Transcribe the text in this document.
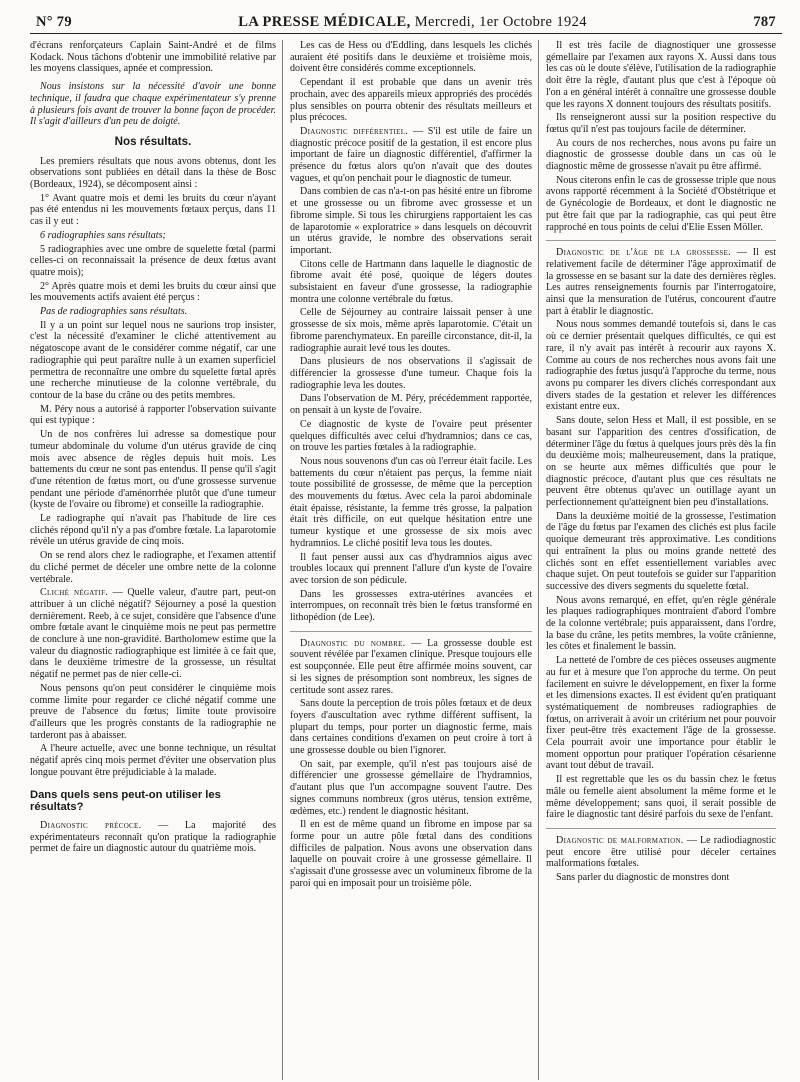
N° 79	LA PRESSE MÉDICALE, Mercredi, 1er Octobre 1924	787

d'écrans renforçateurs Caplain Saint-André et de films Kodack. Nous tâchons d'obtenir une immobilité relative par les moyens classiques, apnée et compression.

Nous insistons sur la nécessité d'avoir une bonne technique, il faudra que chaque expérimentateur s'y prenne à plusieurs fois avant de trouver la bonne façon de procéder. Il s'agit d'ailleurs d'un peu de doigté.

Nos résultats.

Les premiers résultats que nous avons obtenus, dont les observations sont publiées en détail dans la thèse de Bosc (Bordeaux, 1924), se décomposent ainsi :

1° Avant quatre mois et demi les bruits du cœur n'ayant pas été entendus ni les mouvements fœtaux perçus, dans 11 cas il y eut :

6 radiographies sans résultats;

5 radiographies avec une ombre de squelette fœtal (parmi celles-ci on reconnaissait la présence de deux fœtus avant quatre mois);

2° Après quatre mois et demi les bruits du cœur ainsi que les mouvements actifs avaient été perçus :

Pas de radiographies sans résultats.

Il y a un point sur lequel nous ne saurions trop insister, c'est la nécessité d'examiner le cliché attentivement au négatoscope avant de le considérer comme négatif, car une radiographie qui peut paraître nulle à un examen superficiel permettra de reconnaître une ombre du squelette fœtal après une recherche minutieuse de la colonne vertébrale, du contour de la base du crâne ou des petits membres.

M. Péry nous a autorisé à rapporter l'observation suivante qui est typique :

Un de nos confrères lui adresse sa domestique pour tumeur abdominale du volume d'un utérus gravide de cinq mois avec absence de règles depuis huit mois. Les battements du cœur ne sont pas entendus. Il pense qu'il s'agit d'une rétention de fœtus mort, ou d'une grossesse survenue pendant une période d'aménorrhée plutôt que d'une tumeur (kyste de l'ovaire ou fibrome) et conseille la radiographie.

Le radiographe qui n'avait pas l'habitude de lire ces clichés répond qu'il n'y a pas d'ombre fœtale. La laparotomie révèle un utérus gravide de cinq mois.

On se rend alors chez le radiographe, et l'examen attentif du cliché permet de déceler une ombre nette de la colonne vertébrale.

Cliché négatif. — Quelle valeur, d'autre part, peut-on attribuer à un cliché négatif? Séjourney a posé la question dernièrement. Reeb, à ce sujet, considère que l'absence d'une ombre fœtale avant le cinquième mois ne peut pas permettre de conclure à une non-gravidité. Bartholomew estime que la valeur du diagnostic radiographique est limitée à ce fait que, dans le deuxième trimestre de la grossesse, un résultat négatif ne permet pas de nier celle-ci.

Nous pensons qu'on peut considérer le cinquième mois comme limite pour regarder ce cliché négatif comme une preuve de l'absence du fœtus; limite toute provisoire d'ailleurs que les progrès constants de la radiographie ne tarderont pas à abaisser.

A l'heure actuelle, avec une bonne technique, un résultat négatif après cinq mois permet d'éviter une observation plus longue pouvant être préjudiciable à la malade.

Dans quels sens peut-on utiliser les résultats?

Diagnostic précoce. — La majorité des expérimentateurs reconnaît qu'on pratique la radiographie permet de faire un diagnostic autour du quatrième mois.

Les cas de Hess ou d'Eddling, dans lesquels les clichés auraient été positifs dans le deuxième et troisième mois, doivent être considérés comme exceptionnels.

Cependant il est probable que dans un avenir très prochain, avec des appareils mieux appropriés des procédés plus sensibles on pourra obtenir des résultats meilleurs et plus précoces.

Diagnostic différentiel. — S'il est utile de faire un diagnostic précoce positif de la gestation, il est encore plus important de faire un diagnostic différentiel, d'affirmer la présence du fœtus alors qu'on n'avait que des doutes vagues, et qu'on penchait pour le diagnostic de tumeur.

Dans combien de cas n'a-t-on pas hésité entre un fibrome et une grossesse ou un fibrome avec grossesse et un fibrome simple. Si tous les chirurgiens rapportaient les cas de laparotomie « exploratrice » dans lesquels on découvrit un utérus gravide, le nombre des observations serait important.

Citons celle de Hartmann dans laquelle le diagnostic de fibrome avait été posé, quoique de légers doutes subsistaient en faveur d'une grossesse, la radiographie montra une colonne vertébrale du fœtus.

Celle de Séjourney au contraire laissait penser à une grossesse de six mois, même après laparotomie. C'était un fibrome parenchymateux. En pareille circonstance, dit-il, la radiographie aurait levé tous les doutes.

Dans plusieurs de nos observations il s'agissait de différencier la grossesse d'une tumeur. Chaque fois la radiographie leva les doutes.

Dans l'observation de M. Péry, précédemment rapportée, on pensait à un kyste de l'ovaire.

Ce diagnostic de kyste de l'ovaire peut présenter quelques difficultés avec celui d'hydramnios; dans ce cas, on trouve les parties fœtales à la radiographie.

Nous nous souvenons d'un cas où l'erreur était facile. Les battements du cœur n'étaient pas perçus, la femme niait toute possibilité de grossesse, de même que la perception des mouvements du fœtus. Avec cela la paroi abdominale était épaisse, résistante, la femme très grosse, la palpation était très difficile, on eut quelque hésitation entre une tumeur kystique et une grossesse de six mois avec hydramnios. Le cliché positif leva tous les doutes.

Il faut penser aussi aux cas d'hydramnios aigus avec troubles locaux qui prennent l'allure d'un kyste de l'ovaire avec torsion de son pédicule.

Dans les grossesses extra-utérines avancées et interrompues, on reconnaît très bien le fœtus transformé en lithopédion (de Lee).

Diagnostic du nombre. — La grossesse double est souvent révélée par l'examen clinique. Presque toujours elle est soupçonnée. Elle peut être affirmée moins souvent, car si les signes de présomption sont nombreux, les signes de certitude sont assez rares.

Sans doute la perception de trois pôles fœtaux et de deux foyers d'auscultation avec rythme différent suffisent, la plupart du temps, pour porter un diagnostic ferme, mais dans certaines conditions d'examen on peut croire à tort à une grossesse double ou bien l'ignorer.

On sait, par exemple, qu'il n'est pas toujours aisé de différencier une grossesse gémellaire de l'hydramnios, d'autant plus que l'un accompagne souvent l'autre. Des signes communs nombreux (gros utérus, tension extrême, œdèmes, etc.) rendent le diagnostic hésitant.

Il en est de même quand un fibrome en impose par sa forme pour un autre pôle fœtal dans des conditions difficiles de palpation. Nous avons une observation dans laquelle on pouvait croire à une grossesse gémellaire. Il s'agissait d'une grossesse avec un volumineux fibrome de la paroi qui en imposait pour un troisième pôle.

Il est très facile de diagnostiquer une grossesse gémellaire par l'examen aux rayons X. Aussi dans tous les cas où le doute s'élève, l'utilisation de la radiographie doit être la règle, d'autant plus que c'est à l'époque où l'on a en général intérêt à connaître une grossesse double que les rayons X donnent toujours des résultats positifs.

Ils renseigneront aussi sur la position respective du fœtus qu'il n'est pas toujours facile de déterminer.

Au cours de nos recherches, nous avons pu faire un diagnostic de grossesse double dans un cas où le diagnostic même de grossesse n'avait pu être affirmé.

Nous citerons enfin le cas de grossesse triple que nous avons rapporté récemment à la Société d'Obstétrique et de Gynécologie de Bordeaux, et dont le diagnostic ne put être fait que par la radiographie, cas qui peut être rapproché en tous points de celui d'Elie Essen Möller.

Diagnostic de l'âge de la grossesse. — Il est relativement facile de déterminer l'âge approximatif de la grossesse en se basant sur la date des dernières règles. Les autres renseignements fournis par l'interrogatoire, ainsi que la mensuration de l'utérus, concourent d'autre part à établir le diagnostic.

Nous nous sommes demandé toutefois si, dans le cas où ce dernier présentait quelques difficultés, ce qui est rare, il n'y avait pas intérêt à recourir aux rayons X. Comme au cours de nos recherches nous avons fait une radiographie des fœtus jusqu'à l'approche du terme, nous avons pu comparer les divers clichés correspondant aux divers stades de la gestation et relever les différences existant entre eux.

Sans doute, selon Hess et Mall, il est possible, en se basant sur l'apparition des centres d'ossification, de déterminer l'âge du fœtus à quelques jours près dès la fin du deuxième mois; malheureusement, dans la pratique, on se heurte aux mêmes difficultés que pour le diagnostic précoce, d'autant plus que ces résultats ne peuvent être obtenus qu'avec un outillage ayant un perfectionnement qu'atteignent bien peu d'installations.

Dans la deuxième moitié de la grossesse, l'estimation de l'âge du fœtus par l'examen des clichés est plus facile quoique demeurant très approximative. Les conditions qui entraînent la plus ou moins grande netteté des clichés sont en effet essentiellement variables avec chaque sujet. On peut toutefois se guider sur l'apparition successive des divers segments du squelette fœtal.

Nous avons remarqué, en effet, qu'en règle générale les plaques radiographiques montraient d'abord l'ombre de la colonne vertébrale; puis apparaissent, dans l'ordre, la base du crâne, les petits membres, la voûte crânienne, les côtes et finalement le bassin.

La netteté de l'ombre de ces pièces osseuses augmente au fur et à mesure que l'on approche du terme. On peut facilement en suivre le développement, en fixer la forme et les dimensions exactes. Il est évident qu'en pratiquant systématiquement de nombreuses radiographies de fœtus, on arriverait à avoir un critérium net pour pouvoir fixer peut-être très exactement l'âge de la grossesse. Cela pourrait avoir une importance pour établir le moment opportun pour pratiquer l'opération césarienne avant tout début de travail.

Il est regrettable que les os du bassin chez le fœtus mâle ou femelle aient absolument la même forme et le même développement; sans quoi, il serait possible de faire le diagnostic tant désiré parfois du sexe de l'enfant.

Diagnostic de malformation. — Le radiodiagnostic peut encore être utilisé pour déceler certaines malformations fœtales.

Sans parler du diagnostic de monstres dont
